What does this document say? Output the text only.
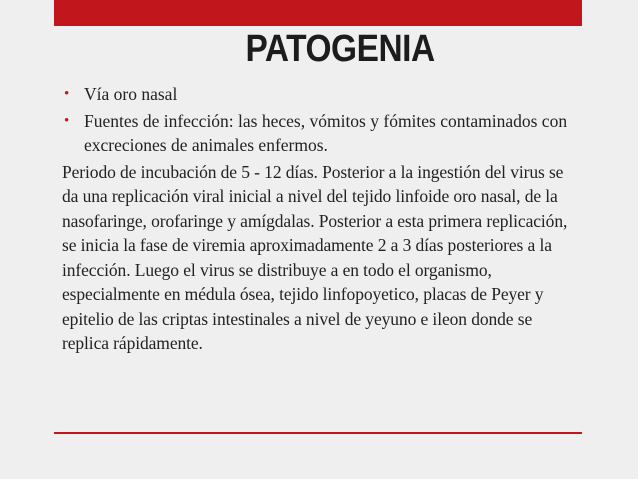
PATOGENIA
• Vía oro nasal
• Fuentes de infección: las heces, vómitos y fómites contaminados con excreciones de animales enfermos.

Periodo de incubación de 5 - 12 días. Posterior a la ingestión del virus se da una replicación viral inicial a nivel del tejido linfoide oro nasal, de la nasofaringe, orofaringe y amígdalas. Posterior a esta primera replicación, se inicia la fase de viremia aproximadamente 2 a 3 días posteriores a la infección. Luego el virus se distribuye a en todo el organismo, especialmente en médula ósea, tejido linfopoyetico, placas de Peyer y epitelio de las criptas intestinales a nivel de yeyuno e ileon donde se replica rápidamente.
